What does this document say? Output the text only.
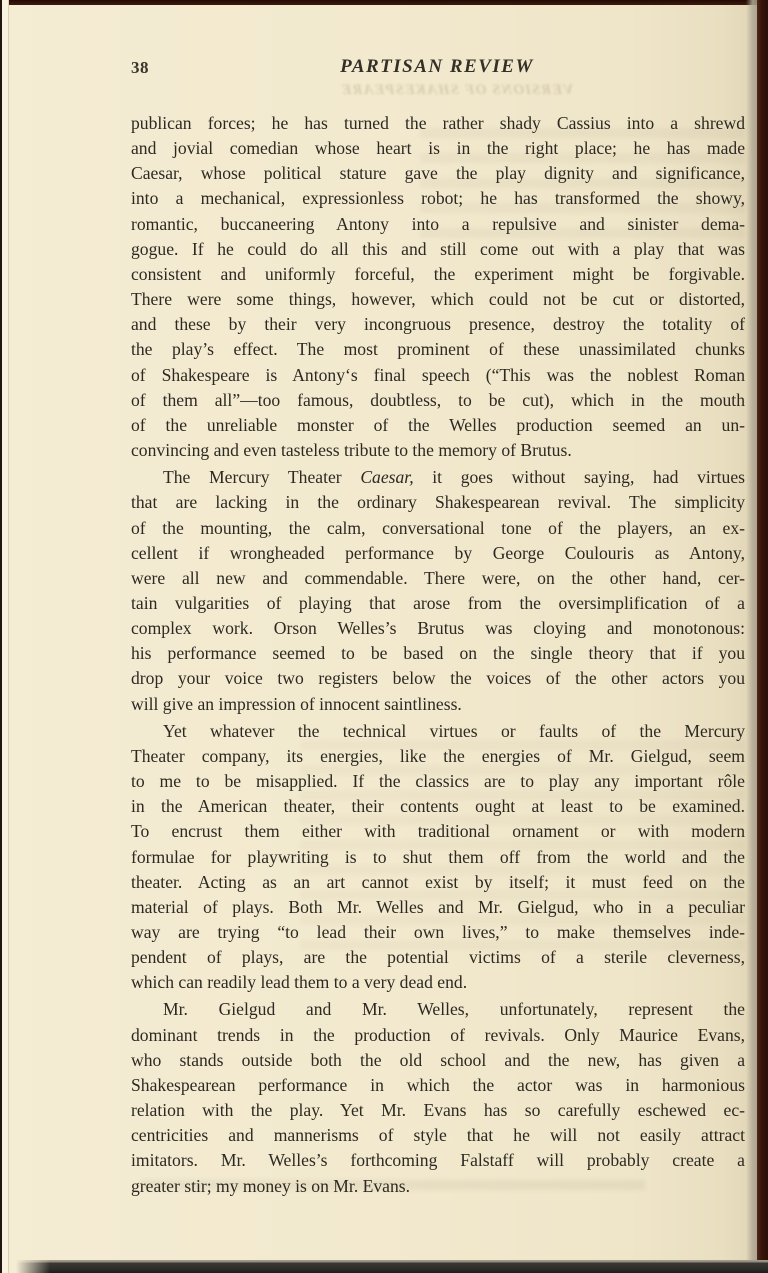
VERSIONS OF SHAKESPEARE
38	PARTISAN REVIEW
publican forces; he has turned the rather shady Cassius into a shrewd
and jovial comedian whose heart is in the right place; he has made
Caesar, whose political stature gave the play dignity and significance,
into a mechanical, expressionless robot; he has transformed the showy,
romantic, buccaneering Antony into a repulsive and sinister dema-
gogue. If he could do all this and still come out with a play that was
consistent and uniformly forceful, the experiment might be forgivable.
There were some things, however, which could not be cut or distorted,
and these by their very incongruous presence, destroy the totality of
the play’s effect. The most prominent of these unassimilated chunks
of Shakespeare is Antony‘s final speech (“This was the noblest Roman
of them all”—too famous, doubtless, to be cut), which in the mouth
of the unreliable monster of the Welles production seemed an un-
convincing and even tasteless tribute to the memory of Brutus.
The Mercury Theater Caesar, it goes without saying, had virtues
that are lacking in the ordinary Shakespearean revival. The simplicity
of the mounting, the calm, conversational tone of the players, an ex-
cellent if wrongheaded performance by George Coulouris as Antony,
were all new and commendable. There were, on the other hand, cer-
tain vulgarities of playing that arose from the oversimplification of a
complex work. Orson Welles’s Brutus was cloying and monotonous:
his performance seemed to be based on the single theory that if you
drop your voice two registers below the voices of the other actors you
will give an impression of innocent saintliness.
Yet whatever the technical virtues or faults of the Mercury
Theater company, its energies, like the energies of Mr. Gielgud, seem
to me to be misapplied. If the classics are to play any important rôle
in the American theater, their contents ought at least to be examined.
To encrust them either with traditional ornament or with modern
formulae for playwriting is to shut them off from the world and the
theater. Acting as an art cannot exist by itself; it must feed on the
material of plays. Both Mr. Welles and Mr. Gielgud, who in a peculiar
way are trying “to lead their own lives,” to make themselves inde-
pendent of plays, are the potential victims of a sterile cleverness,
which can readily lead them to a very dead end.
Mr. Gielgud and Mr. Welles, unfortunately, represent the
dominant trends in the production of revivals. Only Maurice Evans,
who stands outside both the old school and the new, has given a
Shakespearean performance in which the actor was in harmonious
relation with the play. Yet Mr. Evans has so carefully eschewed ec-
centricities and mannerisms of style that he will not easily attract
imitators. Mr. Welles’s forthcoming Falstaff will probably create a
greater stir; my money is on Mr. Evans.
